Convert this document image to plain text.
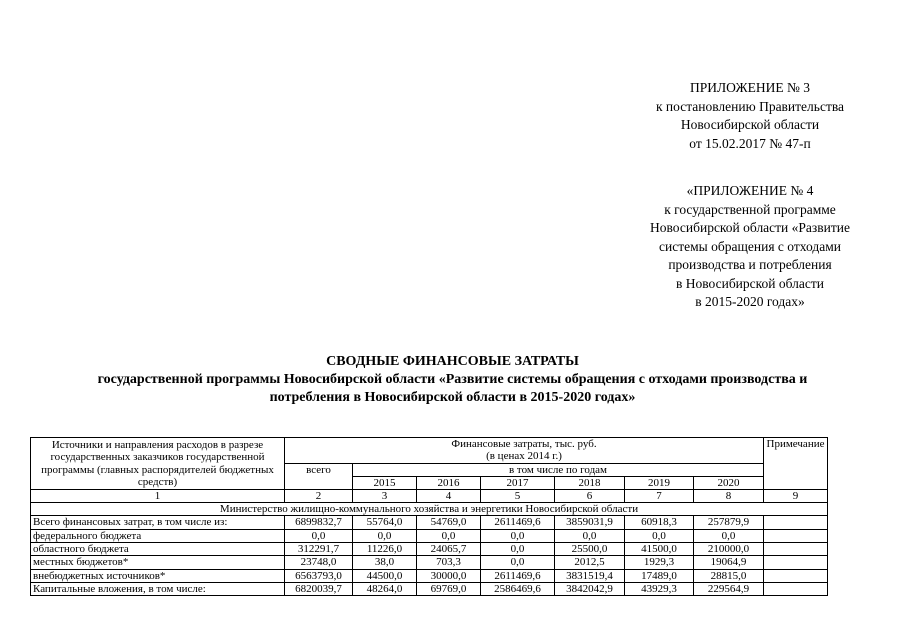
ПРИЛОЖЕНИЕ № 3
к постановлению Правительства
Новосибирской области
от 15.02.2017 № 47-п
«ПРИЛОЖЕНИЕ № 4
к государственной программе
Новосибирской области «Развитие
системы обращения с отходами
производства и потребления
в Новосибирской области
в 2015-2020 годах»
СВОДНЫЕ ФИНАНСОВЫЕ ЗАТРАТЫ
государственной программы Новосибирской области «Развитие системы обращения с отходами производства и
потребления в Новосибирской области в 2015-2020 годах»
Источники и направления расходов в разрезе государственных заказчиков государственной программы (главных распорядителей бюджетных средств)	Финансовые затраты, тыс. руб.
(в ценах 2014 г.)							Примечание
	всего	в том числе по годам						
		2015	2016	2017	2018	2019	2020	
1	2	3	4	5	6	7	8	9
Министерство жилищно-коммунального хозяйства и энергетики Новосибирской области								
Всего финансовых затрат, в том числе из:	6899832,7	55764,0	54769,0	2611469,6	3859031,9	60918,3	257879,9	
федерального бюджета	0,0	0,0	0,0	0,0	0,0	0,0	0,0	
областного бюджета	312291,7	11226,0	24065,7	0,0	25500,0	41500,0	210000,0	
местных бюджетов*	23748,0	38,0	703,3	0,0	2012,5	1929,3	19064,9	
внебюджетных источников*	6563793,0	44500,0	30000,0	2611469,6	3831519,4	17489,0	28815,0	
Капитальные вложения, в том числе:	6820039,7	48264,0	69769,0	2586469,6	3842042,9	43929,3	229564,9	
